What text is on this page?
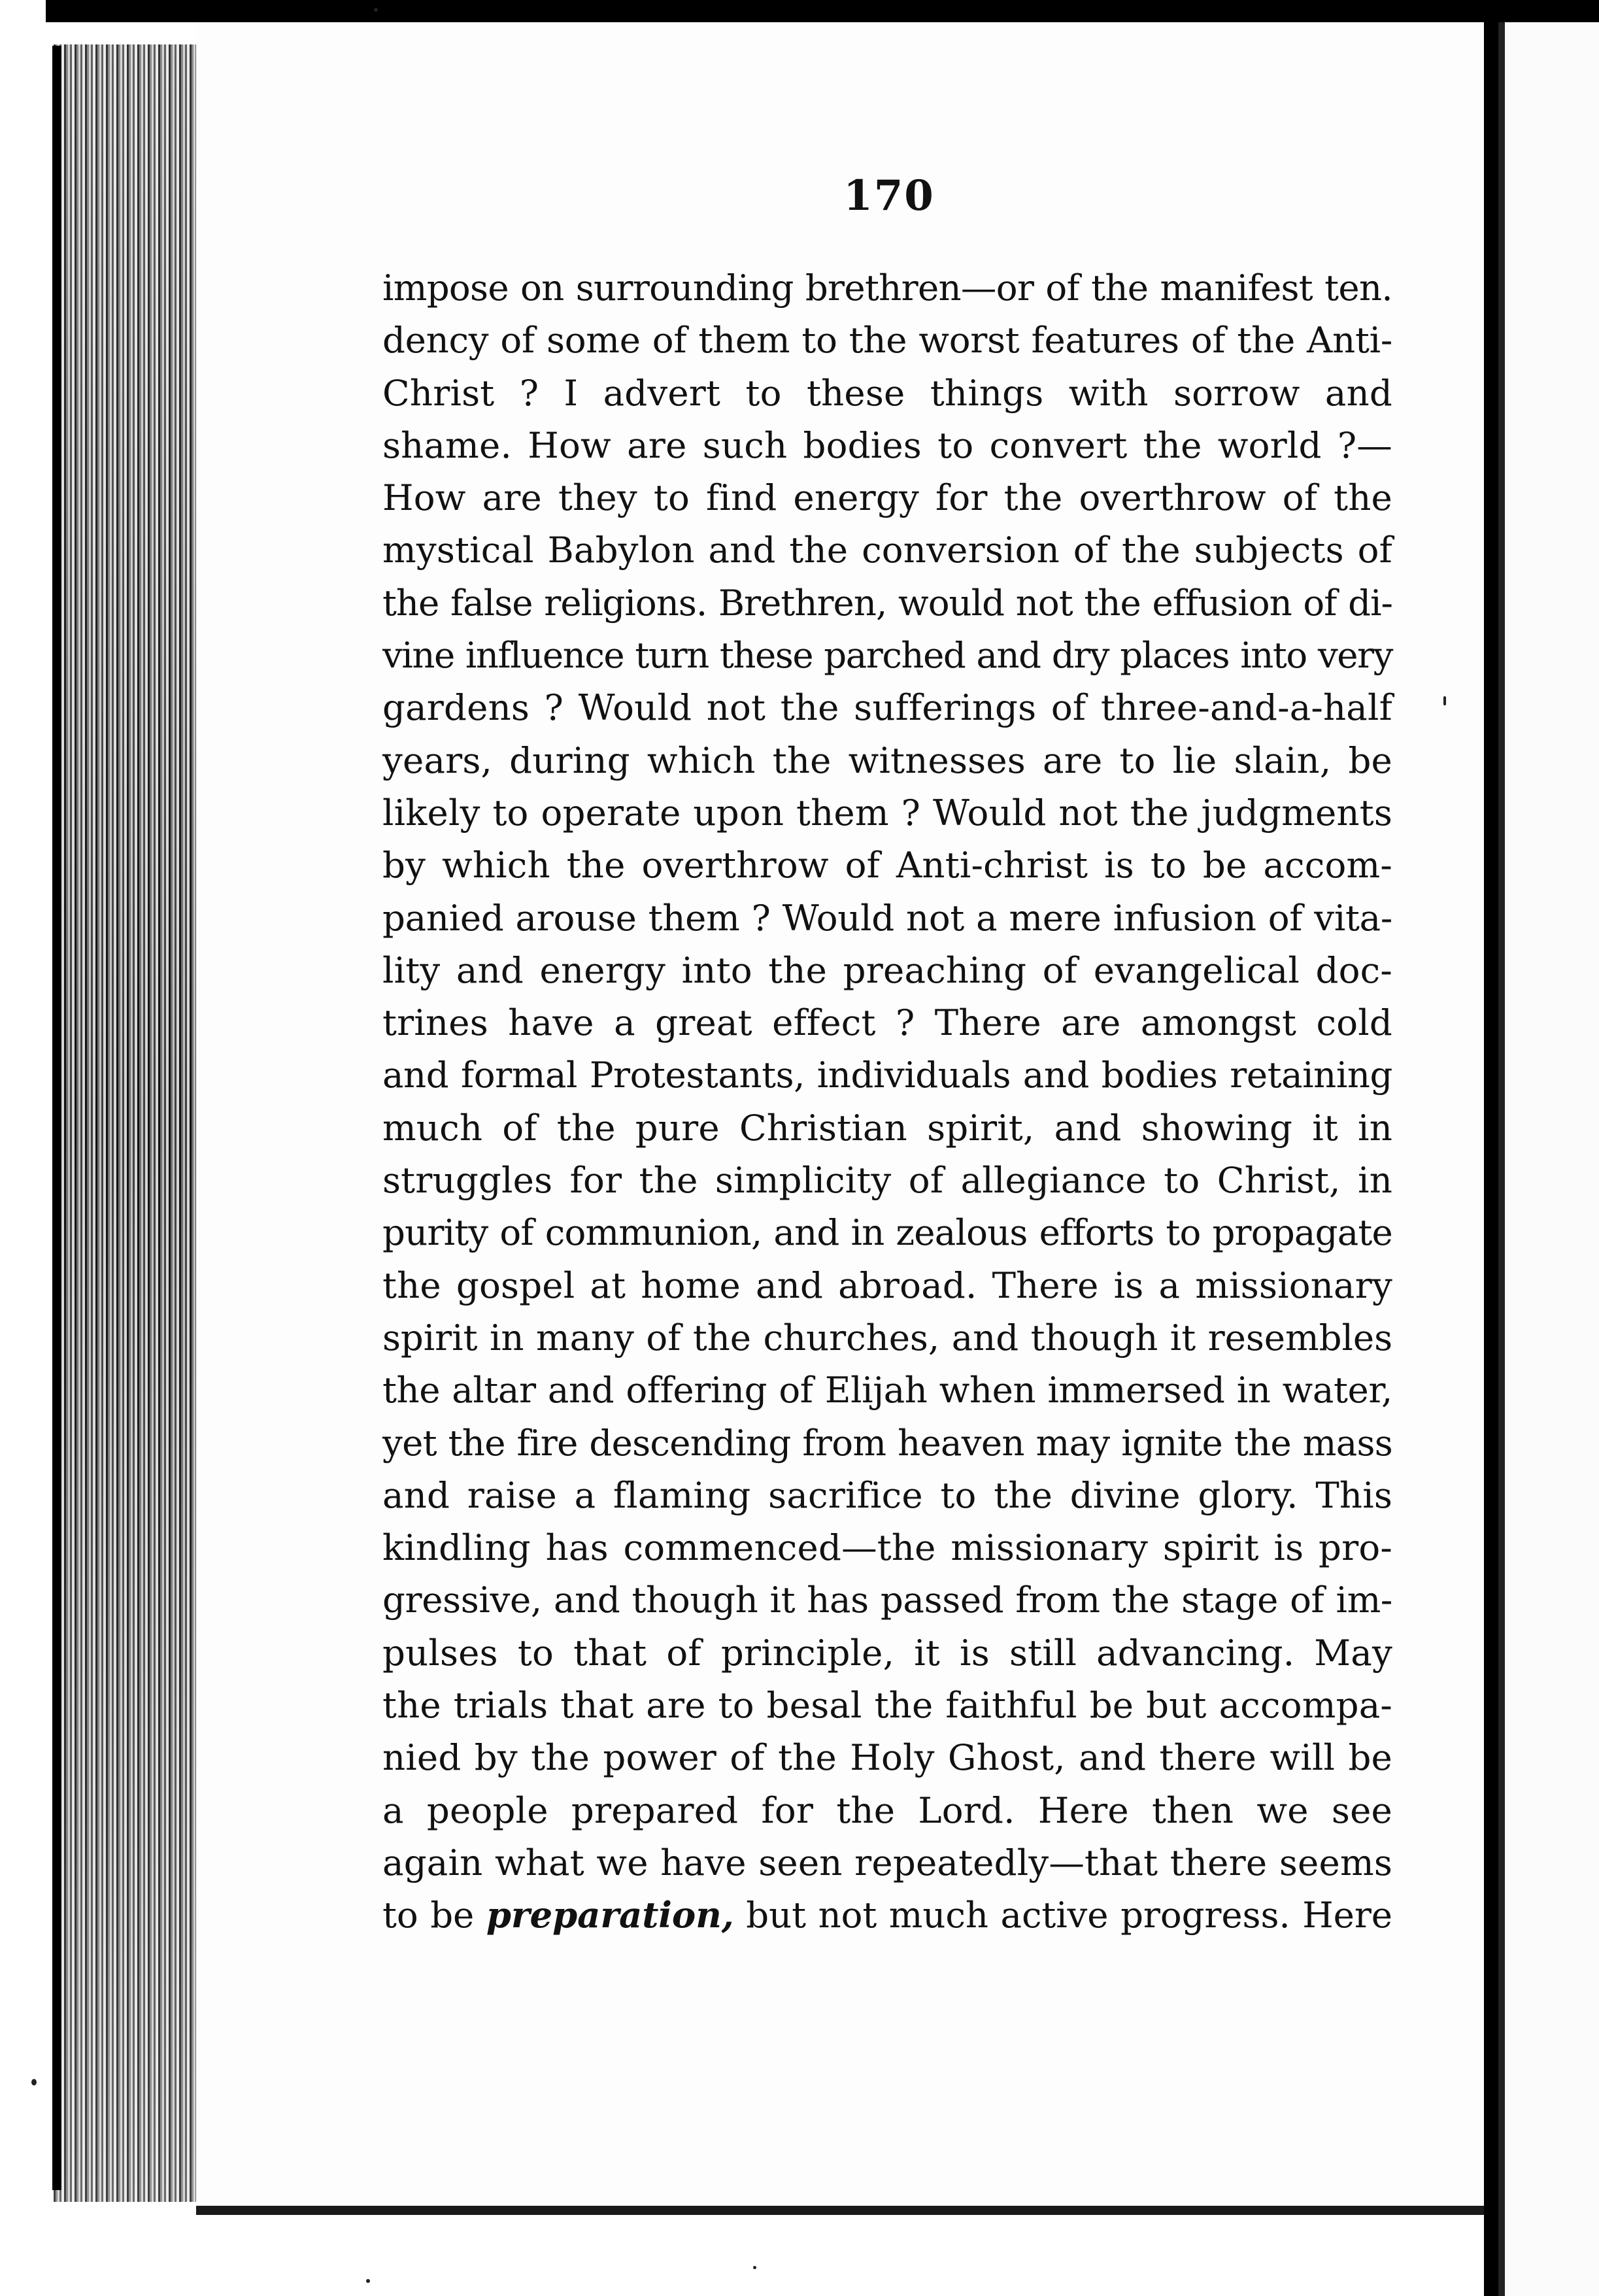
170
impose on surrounding brethren—or of the manifest ten.
dency of some of them to the worst features of the Anti-
Christ ? I advert to these things with sorrow and
shame. How are such bodies to convert the world ?—
How are they to find energy for the overthrow of the
mystical Babylon and the conversion of the subjects of
the false religions. Brethren, would not the effusion of di-
vine influence turn these parched and dry places into very
gardens ? Would not the sufferings of three-and-a-half
years, during which the witnesses are to lie slain, be
likely to operate upon them ? Would not the judgments
by which the overthrow of Anti-christ is to be accom-
panied arouse them ? Would not a mere infusion of vita-
lity and energy into the preaching of evangelical doc-
trines have a great effect ? There are amongst cold
and formal Protestants, individuals and bodies retaining
much of the pure Christian spirit, and showing it in
struggles for the simplicity of allegiance to Christ, in
purity of communion, and in zealous efforts to propagate
the gospel at home and abroad. There is a missionary
spirit in many of the churches, and though it resembles
the altar and offering of Elijah when immersed in water,
yet the fire descending from heaven may ignite the mass
and raise a flaming sacrifice to the divine glory. This
kindling has commenced—the missionary spirit is pro-
gressive, and though it has passed from the stage of im-
pulses to that of principle, it is still advancing. May
the trials that are to besal the faithful be but accompa-
nied by the power of the Holy Ghost, and there will be
a people prepared for the Lord. Here then we see
again what we have seen repeatedly—that there seems
to be preparation, but not much active progress. Here
